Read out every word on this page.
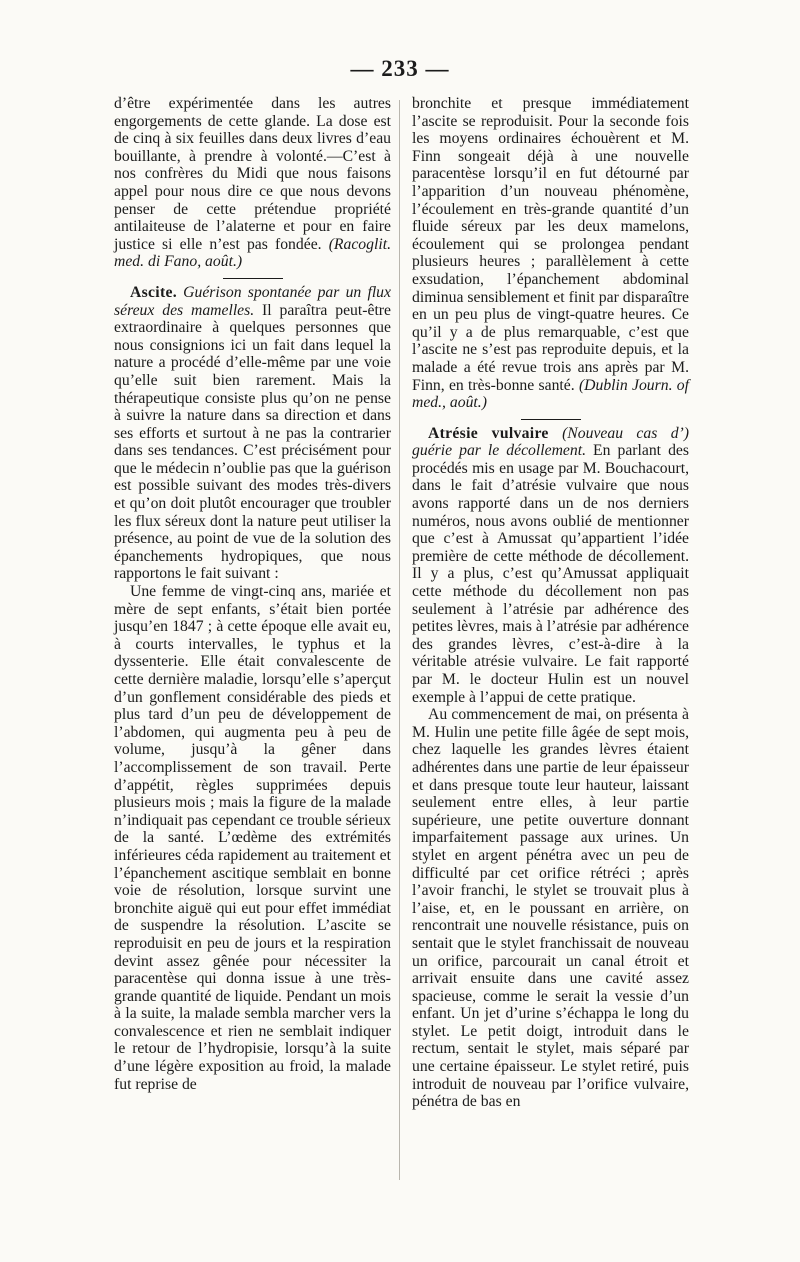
— 233 —

d’être expérimentée dans les autres engorgements de cette glande. La dose est de cinq à six feuilles dans deux livres d’eau bouillante, à prendre à volonté.—C’est à nos confrères du Midi que nous faisons appel pour nous dire ce que nous devons penser de cette prétendue propriété antilaiteuse de l’alaterne et pour en faire justice si elle n’est pas fondée. (Racoglit. med. di Fano, août.)

Ascite. Guérison spontanée par un flux séreux des mamelles. Il paraîtra peut-être extraordinaire à quelques personnes que nous consignions ici un fait dans lequel la nature a procédé d’elle-même par une voie qu’elle suit bien rarement. Mais la thérapeutique consiste plus qu’on ne pense à suivre la nature dans sa direction et dans ses efforts et surtout à ne pas la contrarier dans ses tendances. C’est précisément pour que le médecin n’oublie pas que la guérison est possible suivant des modes très-divers et qu’on doit plutôt encourager que troubler les flux séreux dont la nature peut utiliser la présence, au point de vue de la solution des épanchements hydropiques, que nous rapportons le fait suivant :

Une femme de vingt-cinq ans, mariée et mère de sept enfants, s’était bien portée jusqu’en 1847 ; à cette époque elle avait eu, à courts intervalles, le typhus et la dyssenterie. Elle était convalescente de cette dernière maladie, lorsqu’elle s’aperçut d’un gonflement considérable des pieds et plus tard d’un peu de développement de l’abdomen, qui augmenta peu à peu de volume, jusqu’à la gêner dans l’accomplissement de son travail. Perte d’appétit, règles supprimées depuis plusieurs mois ; mais la figure de la malade n’indiquait pas cependant ce trouble sérieux de la santé. L’œdème des extrémités inférieures céda rapidement au traitement et l’épanchement ascitique semblait en bonne voie de résolution, lorsque survint une bronchite aiguë qui eut pour effet immédiat de suspendre la résolution. L’ascite se reproduisit en peu de jours et la respiration devint assez gênée pour nécessiter la paracentèse qui donna issue à une très-grande quantité de liquide. Pendant un mois à la suite, la malade sembla marcher vers la convalescence et rien ne semblait indiquer le retour de l’hydropisie, lorsqu’à la suite d’une légère exposition au froid, la malade fut reprise de

bronchite et presque immédiatement l’ascite se reproduisit. Pour la seconde fois les moyens ordinaires échouèrent et M. Finn songeait déjà à une nouvelle paracentèse lorsqu’il en fut détourné par l’apparition d’un nouveau phénomène, l’écoulement en très-grande quantité d’un fluide séreux par les deux mamelons, écoulement qui se prolongea pendant plusieurs heures ; parallèlement à cette exsudation, l’épanchement abdominal diminua sensiblement et finit par disparaître en un peu plus de vingt-quatre heures. Ce qu’il y a de plus remarquable, c’est que l’ascite ne s’est pas reproduite depuis, et la malade a été revue trois ans après par M. Finn, en très-bonne santé. (Dublin Journ. of med., août.)

Atrésie vulvaire (Nouveau cas d’) guérie par le décollement. En parlant des procédés mis en usage par M. Bouchacourt, dans le fait d’atrésie vulvaire que nous avons rapporté dans un de nos derniers numéros, nous avons oublié de mentionner que c’est à Amussat qu’appartient l’idée première de cette méthode de décollement. Il y a plus, c’est qu’Amussat appliquait cette méthode du décollement non pas seulement à l’atrésie par adhérence des petites lèvres, mais à l’atrésie par adhérence des grandes lèvres, c’est-à-dire à la véritable atrésie vulvaire. Le fait rapporté par M. le docteur Hulin est un nouvel exemple à l’appui de cette pratique.

Au commencement de mai, on présenta à M. Hulin une petite fille âgée de sept mois, chez laquelle les grandes lèvres étaient adhérentes dans une partie de leur épaisseur et dans presque toute leur hauteur, laissant seulement entre elles, à leur partie supérieure, une petite ouverture donnant imparfaitement passage aux urines. Un stylet en argent pénétra avec un peu de difficulté par cet orifice rétréci ; après l’avoir franchi, le stylet se trouvait plus à l’aise, et, en le poussant en arrière, on rencontrait une nouvelle résistance, puis on sentait que le stylet franchissait de nouveau un orifice, parcourait un canal étroit et arrivait ensuite dans une cavité assez spacieuse, comme le serait la vessie d’un enfant. Un jet d’urine s’échappa le long du stylet. Le petit doigt, introduit dans le rectum, sentait le stylet, mais séparé par une certaine épaisseur. Le stylet retiré, puis introduit de nouveau par l’orifice vulvaire, pénétra de bas en
